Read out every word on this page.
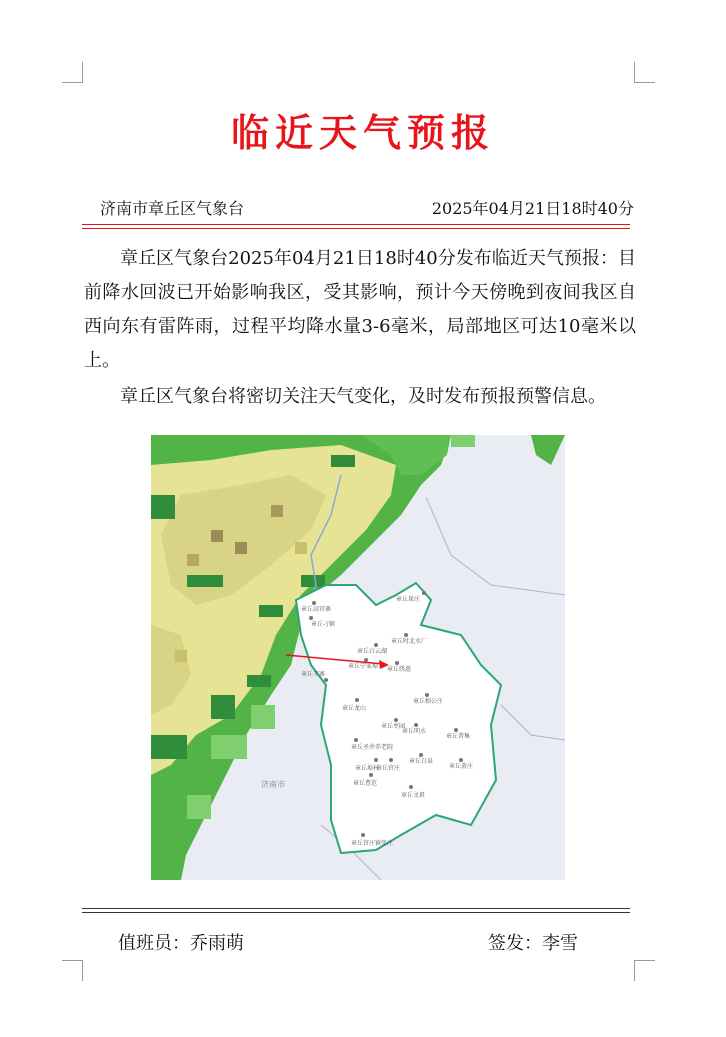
临近天气预报
济南市章丘区气象台	2025年04月21日18时40分

章丘区气象台2025年04月21日18时40分发布临近天气预报：目前降水回波已开始影响我区，受其影响，预计今天傍晚到夜间我区自西向东有雷阵雨，过程平均降水量3-6毫米，局部地区可达10毫米以上。

章丘区气象台将密切关注天气变化，及时发布预报预警信息。

章丘垛庄
章丘高官寨
章丘宁家埠
章丘白云湖
章丘时北水厂
章丘明水
章丘绣惠
章丘刁镇
章丘辛寨
章丘枣园
章丘相公庄
章丘官庄
章丘普集
章丘圣井养老院
章丘埠村
章丘白泉
章丘曹范
章丘文祖
章丘黄庄
章丘龙山
章丘官庄镇张庄
济南市
值班员：乔雨萌	签发：李雪
